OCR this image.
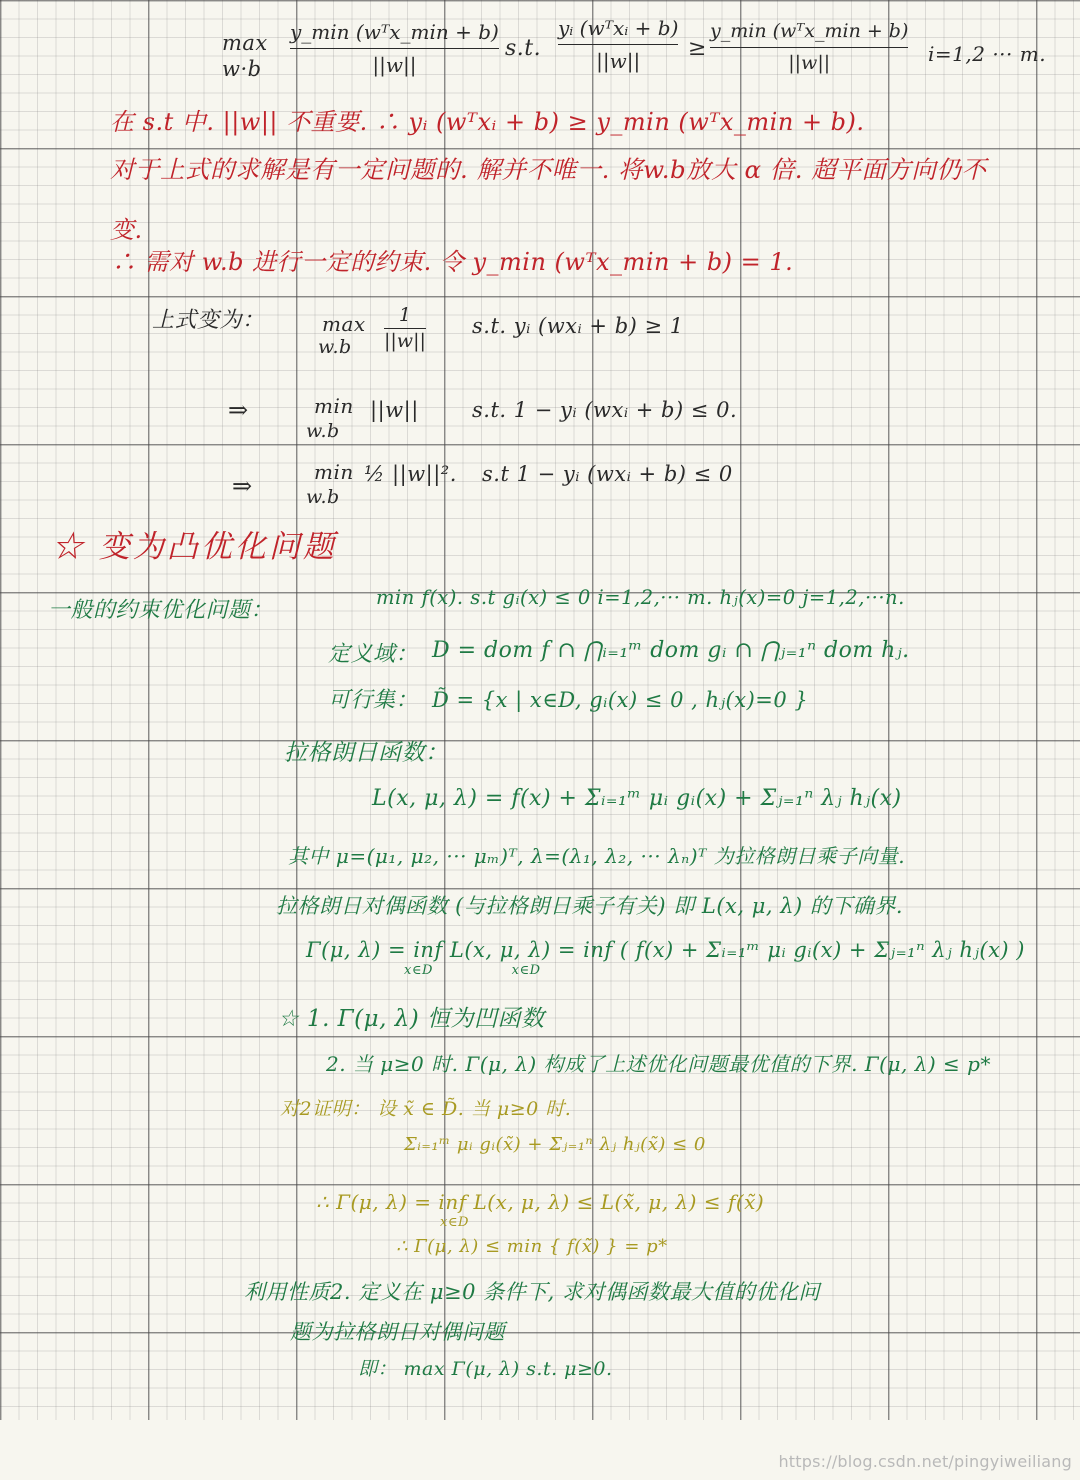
max
w·b
y_min (wᵀx_min + b)
||w||
s.t.
yᵢ (wᵀxᵢ + b)
||w|| ≥
y_min (wᵀx_min + b)
||w||	i=1,2 ··· m.
在 s.t 中. ||w|| 不重要. ∴ yᵢ (wᵀxᵢ + b) ≥ y_min (wᵀx_min + b).
对于上式的求解是有一定问题的. 解并不唯一. 将w.b放大 α 倍. 超平面方向仍不
变.
∴ 需对 w.b 进行一定的约束. 令 y_min (wᵀx_min + b) = 1.
上式变为：	max
w.b
1
||w||
s.t. yᵢ (wxᵢ + b) ≥ 1
⇒	min
w.b
||w||	s.t. 1 − yᵢ (wxᵢ + b) ≤ 0.
⇒	min
w.b
½ ||w||². s.t 1 − yᵢ (wxᵢ + b) ≤ 0
☆ 变为凸优化问题
一般的约束优化问题：
min f(x). s.t gᵢ(x) ≤ 0 i=1,2,··· m. hⱼ(x)=0 j=1,2,···n.
定义域： D = dom f ∩ ⋂ᵢ₌₁ᵐ dom gᵢ ∩ ⋂ⱼ₌₁ⁿ dom hⱼ.
可行集： D̃ = {x | x∈D, gᵢ(x) ≤ 0 , hⱼ(x)=0 }
拉格朗日函数：
L(x, μ, λ) = f(x) + Σᵢ₌₁ᵐ μᵢ gᵢ(x) + Σⱼ₌₁ⁿ λⱼ hⱼ(x)
其中 μ=(μ₁, μ₂, ··· μₘ)ᵀ, λ=(λ₁, λ₂, ··· λₙ)ᵀ 为拉格朗日乘子向量.
拉格朗日对偶函数 (与拉格朗日乘子有关) 即 L(x, μ, λ) 的下确界.
Γ(μ, λ) = inf L(x, μ, λ) = inf ( f(x) + Σᵢ₌₁ᵐ μᵢ gᵢ(x) + Σⱼ₌₁ⁿ λⱼ hⱼ(x) )
x∈D                 x∈D
☆ 1. Γ(μ, λ) 恒为凹函数
2. 当 μ≥0 时. Γ(μ, λ) 构成了上述优化问题最优值的下界. Γ(μ, λ) ≤ p*
对2证明： 设 x̃ ∈ D̃. 当 μ≥0 时.
Σᵢ₌₁ᵐ μᵢ gᵢ(x̃) + Σⱼ₌₁ⁿ λⱼ hⱼ(x̃) ≤ 0
∴ Γ(μ, λ) = inf L(x, μ, λ) ≤ L(x̃, μ, λ) ≤ f(x̃)
x∈D
∴ Γ(μ, λ) ≤ min { f(x̃) } = p*
利用性质2. 定义在 μ≥0 条件下, 求对偶函数最大值的优化问
题为拉格朗日对偶问题
即： max Γ(μ, λ) s.t. μ≥0.
https://blog.csdn.net/pingyiweiliang
